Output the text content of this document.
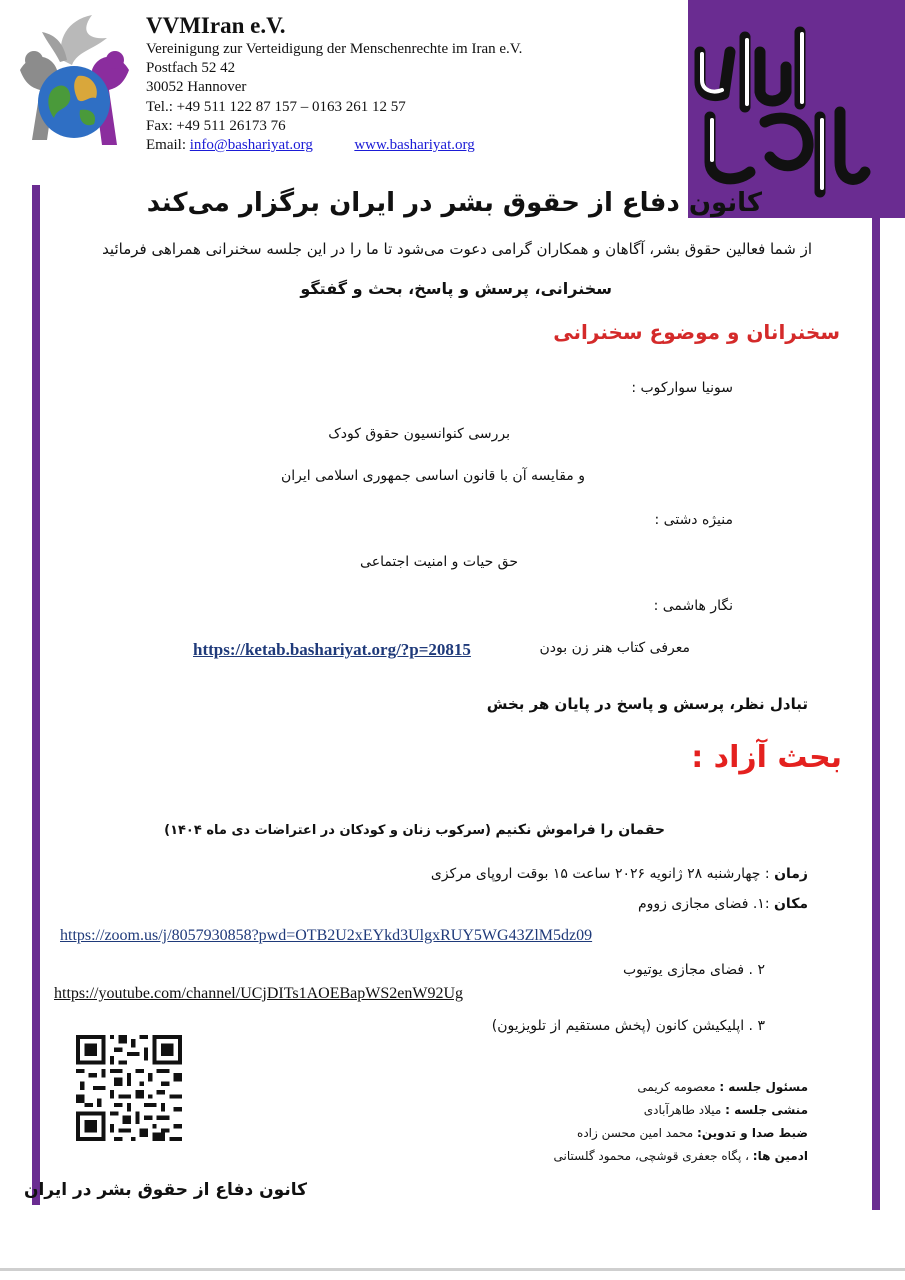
VVMIran e.V.
Vereinigung zur Verteidigung der Menschenrechte im Iran e.V.
Postfach 52 42
30052 Hannover
Tel.: +49 511 122 87 157 – 0163 261 12 57
Fax: +49 511 26173 76
Email: info@bashariyat.org	www.bashariyat.org
کانون دفاع از حقوق بشر در ایران برگزار می‌کند
از شما فعالین حقوق بشر، آگاهان و همکاران گرامی دعوت می‌شود تا ما را در این جلسه سخنرانی همراهی فرمائید
سخنرانی، پرسش و پاسخ، بحث و گفتگو
سخنرانان و موضوع سخنرانی
سونیا سوارکوب :
بررسی کنوانسیون حقوق کودک
و مقایسه آن با قانون اساسی جمهوری اسلامی ایران
منیژه دشتی :
حق حیات و امنیت اجتماعی
نگار هاشمی :
معرفی کتاب هنر زن بودن
https://ketab.bashariyat.org/?p=20815
تبادل نظر، پرسش و پاسخ در پایان هر بخش
بحث آزاد :
حقمان را فراموش نکنیم (سرکوب زنان و کودکان در اعتراضات دی ماه ۱۴۰۴)
زمان : چهارشنبه ۲۸ ژانویه ۲۰۲۶ ساعت ۱۵ بوقت اروپای مرکزی
مکان :۱. فضای مجازی زووم
https://zoom.us/j/8057930858?pwd=OTB2U2xEYkd3UlgxRUY5WG43ZlM5dz09
۲ . فضای مجازی یوتیوب
https://youtube.com/channel/UCjDITs1AOEBapWS2enW92Ug
۳ . اپلیکیشن کانون (پخش مستقیم از تلویزیون)
مسئول جلسه : معصومه کریمی
منشی جلسه : میلاد طاهرآبادی
ضبط صدا و تدوین: محمد امین محسن زاده
ادمین ها: ، پگاه جعفری قوشچی، محمود گلستانی
کانون دفاع از حقوق بشر در ایران
